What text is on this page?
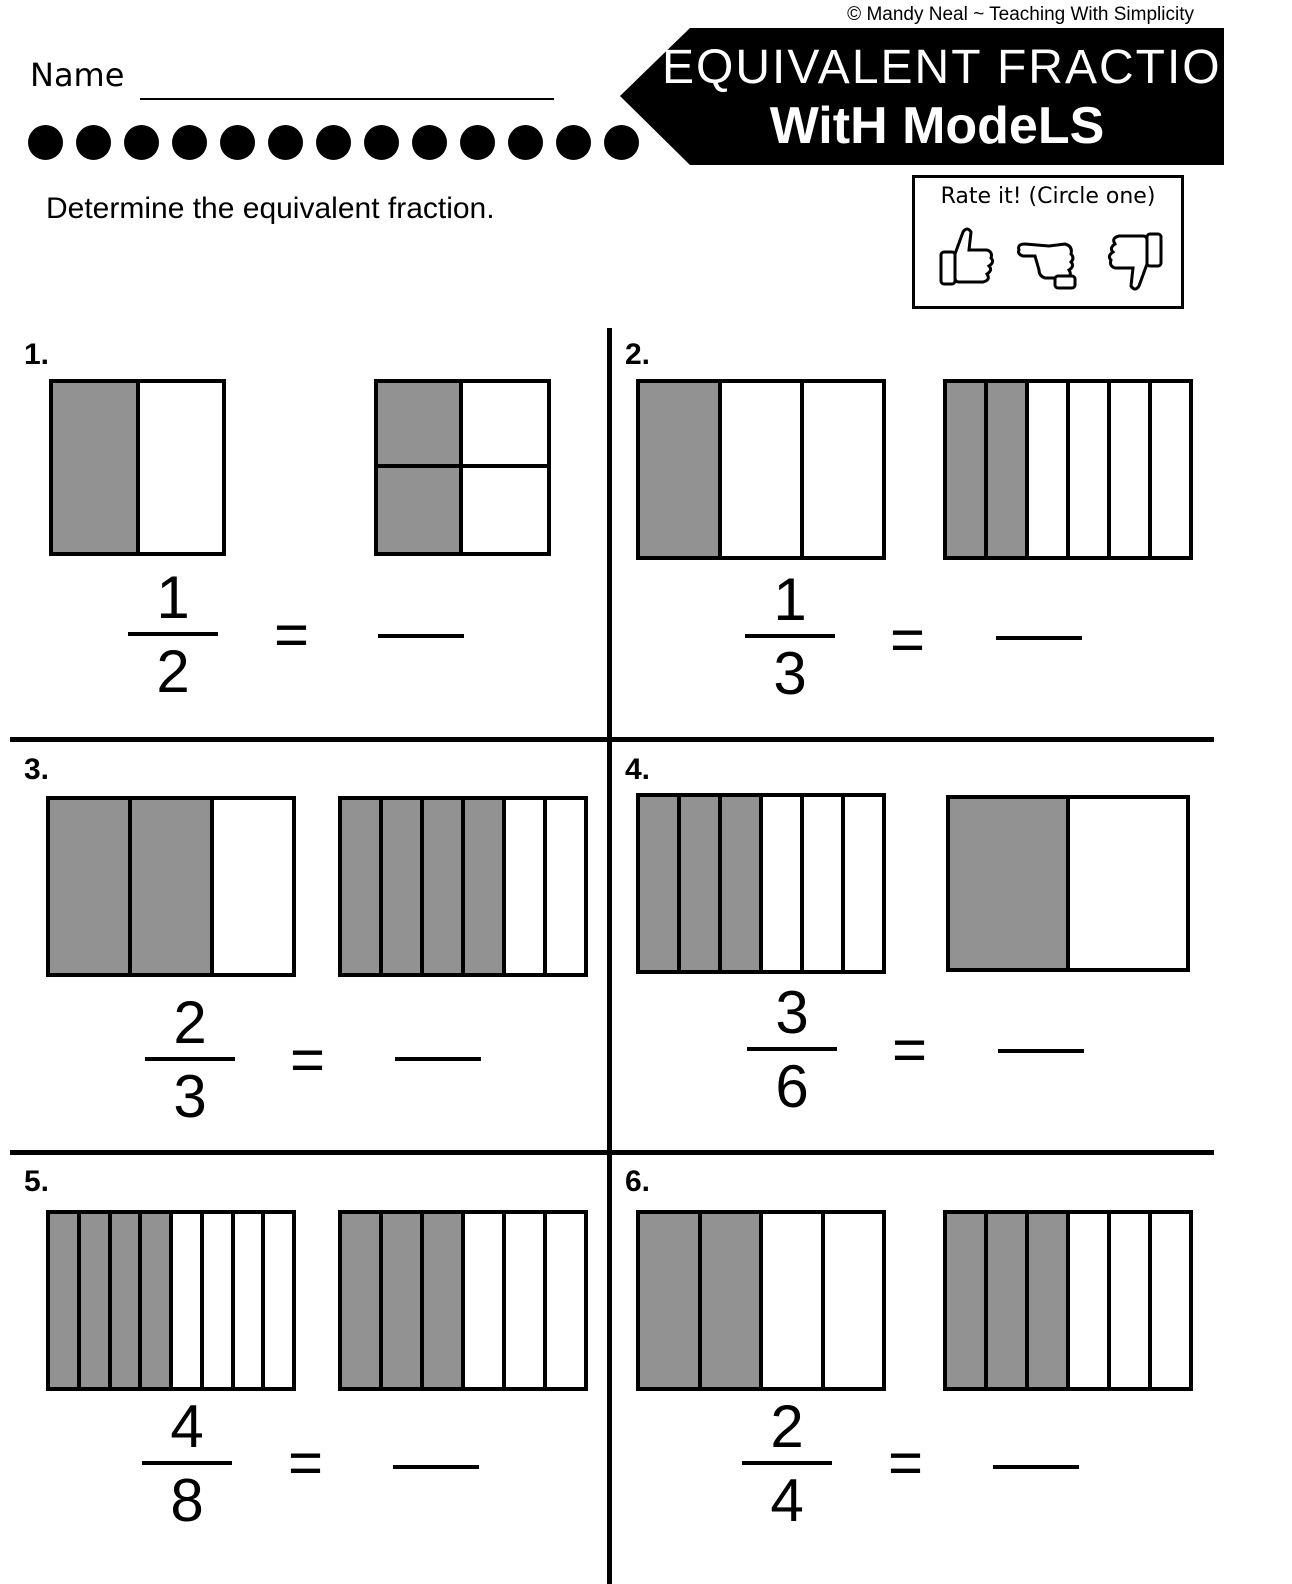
© Mandy Neal ~ Teaching With Simplicity
Name	EQUIVALENT FRACTIONS
WitH ModeLS
Determine the equivalent fraction.	Rate it! (Circle one)
1.
1
2
=
2.
1
3
=
3.
2
3
=
4.
3
6
=
5.
4
8
=
6.
2
4
=
